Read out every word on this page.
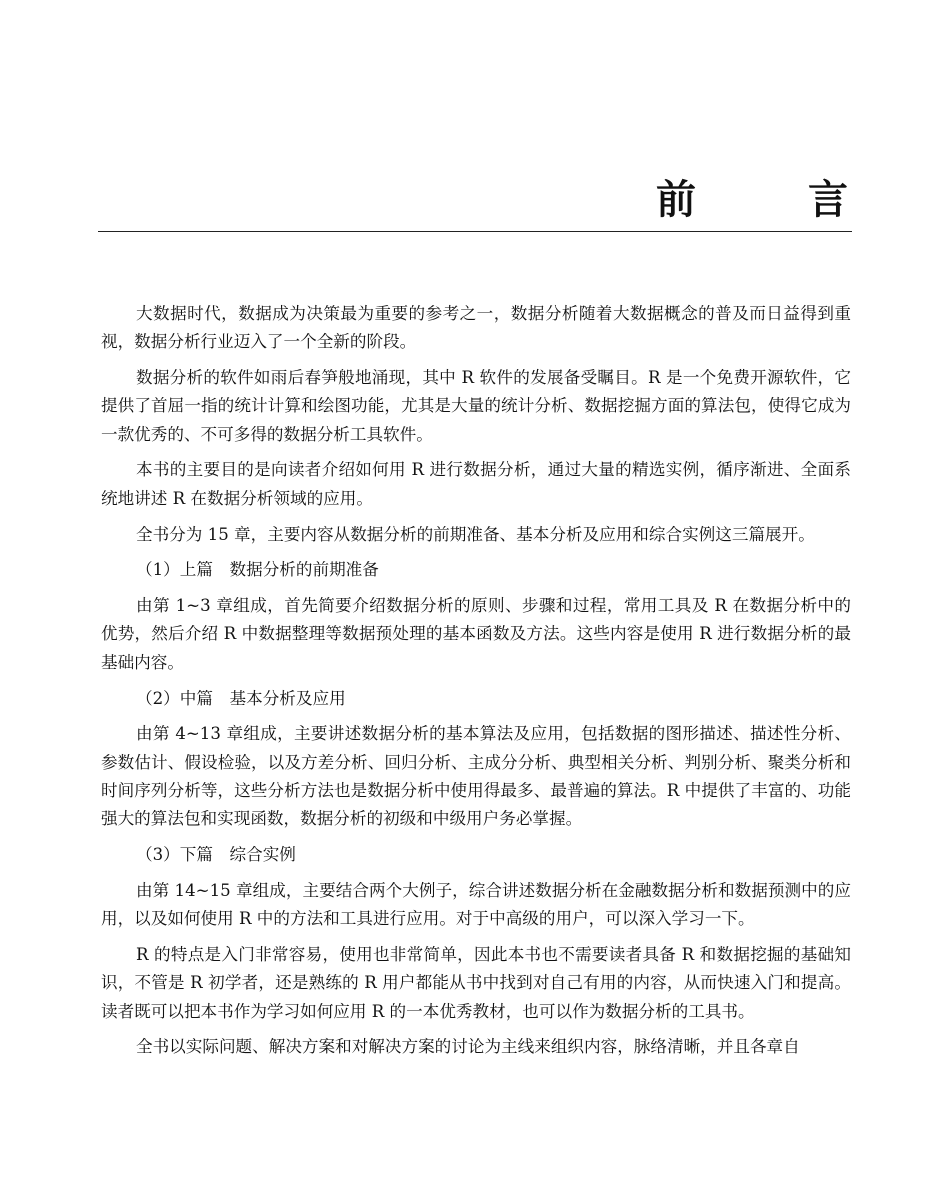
前　言

大数据时代，数据成为决策最为重要的参考之一，数据分析随着大数据概念的普及而日益得到重视，数据分析行业迈入了一个全新的阶段。

数据分析的软件如雨后春笋般地涌现，其中 R 软件的发展备受瞩目。R 是一个免费开源软件，它提供了首屈一指的统计计算和绘图功能，尤其是大量的统计分析、数据挖掘方面的算法包，使得它成为一款优秀的、不可多得的数据分析工具软件。

本书的主要目的是向读者介绍如何用 R 进行数据分析，通过大量的精选实例，循序渐进、全面系统地讲述 R 在数据分析领域的应用。

全书分为 15 章，主要内容从数据分析的前期准备、基本分析及应用和综合实例这三篇展开。

（1）上篇　数据分析的前期准备

由第 1~3 章组成，首先简要介绍数据分析的原则、步骤和过程，常用工具及 R 在数据分析中的优势，然后介绍 R 中数据整理等数据预处理的基本函数及方法。这些内容是使用 R 进行数据分析的最基础内容。

（2）中篇　基本分析及应用

由第 4~13 章组成，主要讲述数据分析的基本算法及应用，包括数据的图形描述、描述性分析、参数估计、假设检验，以及方差分析、回归分析、主成分分析、典型相关分析、判别分析、聚类分析和时间序列分析等，这些分析方法也是数据分析中使用得最多、最普遍的算法。R 中提供了丰富的、功能强大的算法包和实现函数，数据分析的初级和中级用户务必掌握。

（3）下篇　综合实例

由第 14~15 章组成，主要结合两个大例子，综合讲述数据分析在金融数据分析和数据预测中的应用，以及如何使用 R 中的方法和工具进行应用。对于中高级的用户，可以深入学习一下。

R 的特点是入门非常容易，使用也非常简单，因此本书也不需要读者具备 R 和数据挖掘的基础知识，不管是 R 初学者，还是熟练的 R 用户都能从书中找到对自己有用的内容，从而快速入门和提高。读者既可以把本书作为学习如何应用 R 的一本优秀教材，也可以作为数据分析的工具书。

全书以实际问题、解决方案和对解决方案的讨论为主线来组织内容，脉络清晰，并且各章自
